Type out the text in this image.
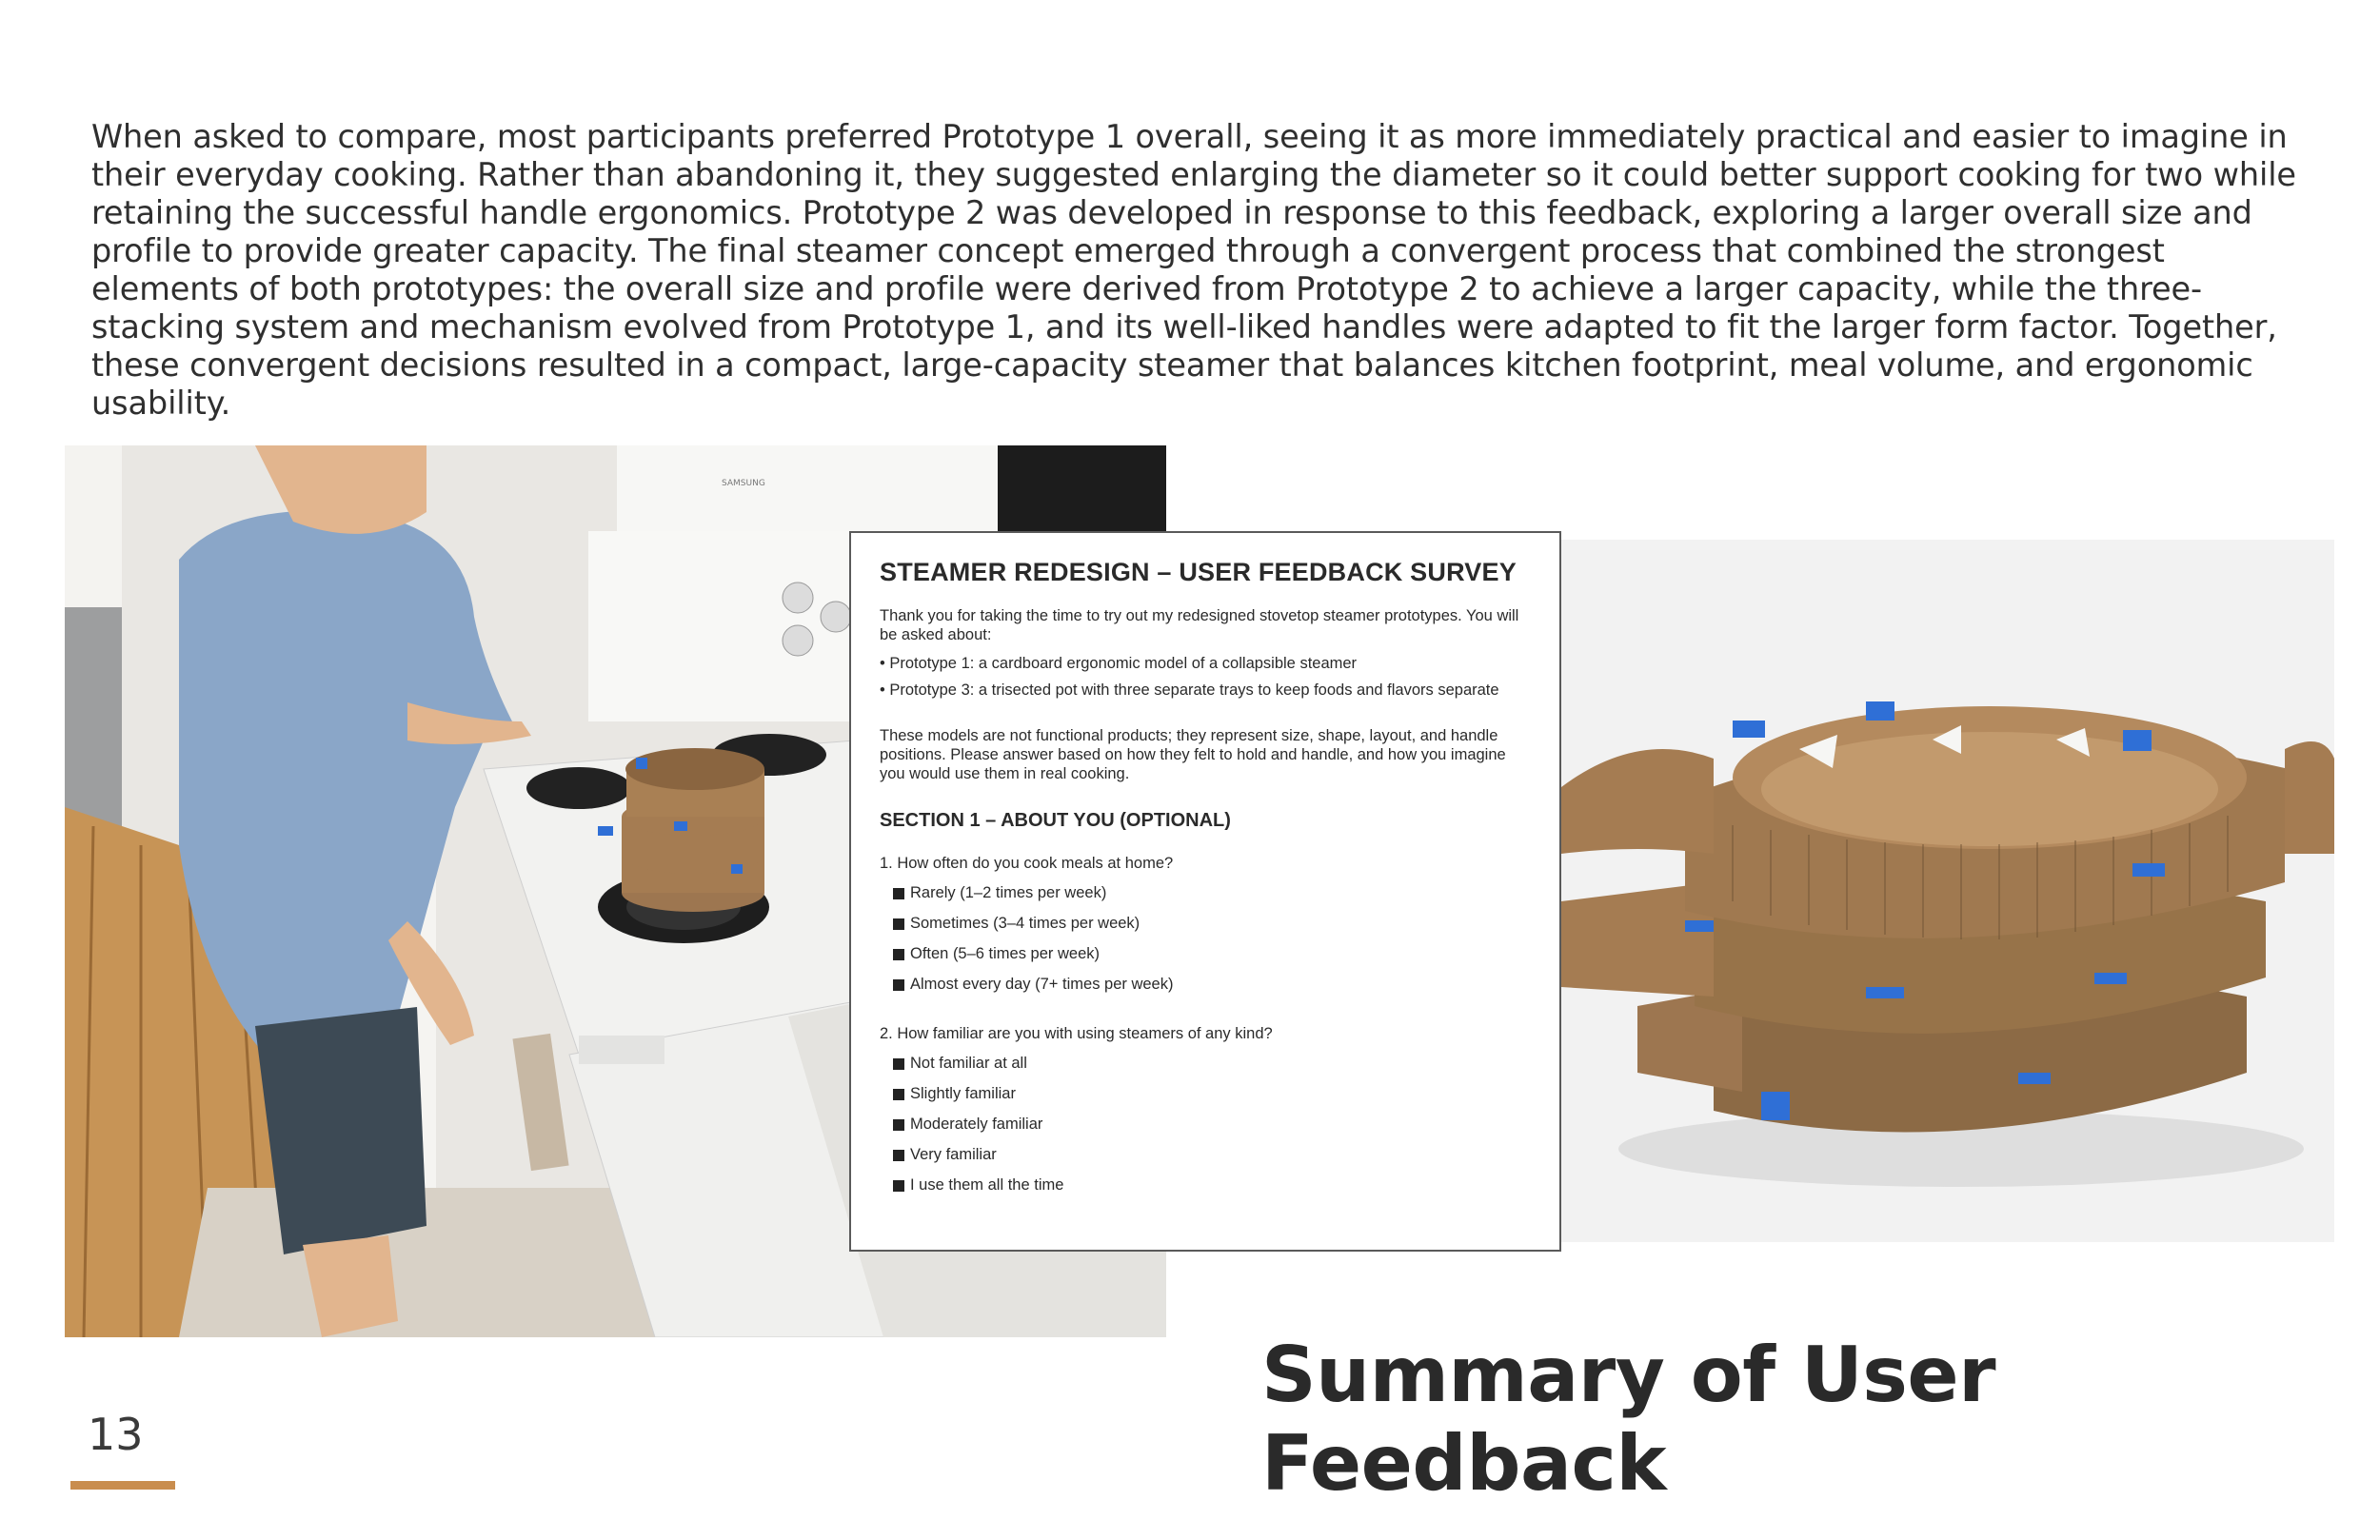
When asked to compare, most participants preferred Prototype 1 overall, seeing it as more immediately practical and easier to imagine in their everyday cooking. Rather than abandoning it, they suggested enlarging the diameter so it could better support cooking for two while retaining the successful handle ergonomics. Prototype 2 was developed in response to this feedback, exploring a larger overall size and profile to provide greater capacity. The final steamer concept emerged through a convergent process that combined the strongest elements of both prototypes: the overall size and profile were derived from Prototype 2 to achieve a larger capacity, while the three-stacking system and mechanism evolved from Prototype 1, and its well-liked handles were adapted to fit the larger form factor. Together, these convergent decisions resulted in a compact, large-capacity steamer that balances kitchen footprint, meal volume, and ergonomic usability.

SAMSUNG
STEAMER REDESIGN – USER FEEDBACK SURVEY

Thank you for taking the time to try out my redesigned stovetop steamer prototypes. You will be asked about:

• Prototype 1: a cardboard ergonomic model of a collapsible steamer

• Prototype 3: a trisected pot with three separate trays to keep foods and flavors separate

These models are not functional products; they represent size, shape, layout, and handle positions. Please answer based on how they felt to hold and handle, and how you imagine you would use them in real cooking.

SECTION 1 – ABOUT YOU (OPTIONAL)

1. How often do you cook meals at home?

Rarely (1–2 times per week)
Sometimes (3–4 times per week)
Often (5–6 times per week)
Almost every day (7+ times per week)

2. How familiar are you with using steamers of any kind?

Not familiar at all
Slightly familiar
Moderately familiar
Very familiar
I use them all the time
Summary of User Feedback
13
